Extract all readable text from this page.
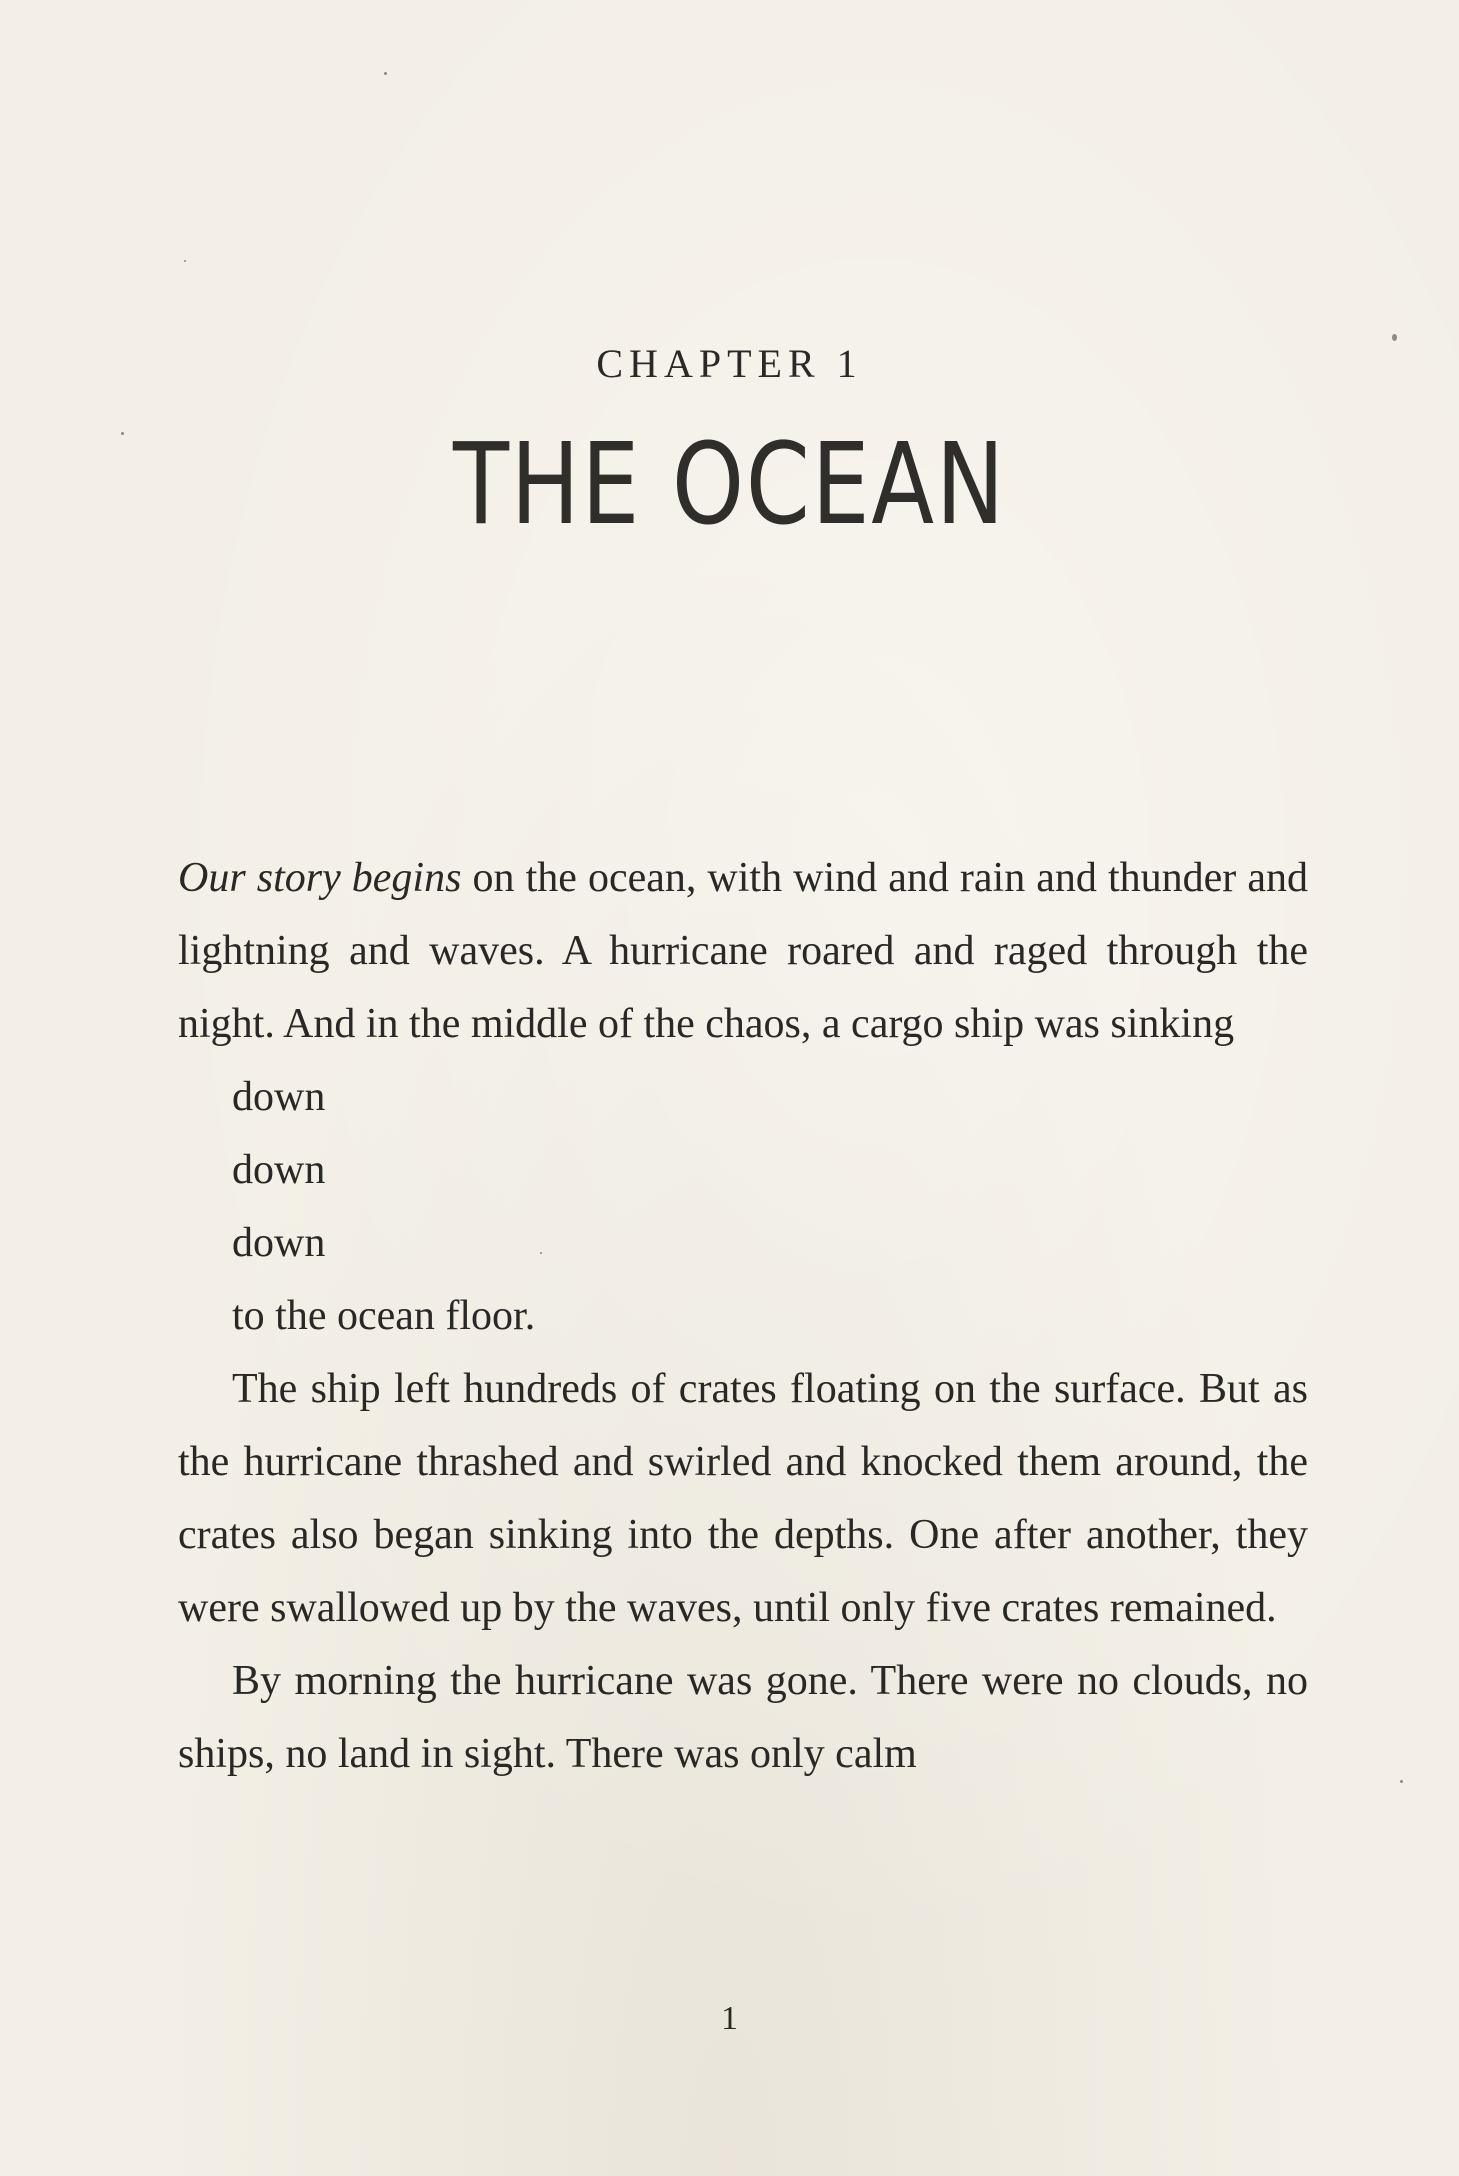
CHAPTER 1
THE OCEAN

Our story begins on the ocean, with wind and rain and thunder and lightning and waves. A hurricane roared and raged through the night. And in the middle of the chaos, a cargo ship was sinking

down

down

down

to the ocean floor.

The ship left hundreds of crates floating on the surface. But as the hurricane thrashed and swirled and knocked them around, the crates also began sinking into the depths. One after another, they were swallowed up by the waves, until only five crates remained.

By morning the hurricane was gone. There were no clouds, no ships, no land in sight. There was only calm

1
